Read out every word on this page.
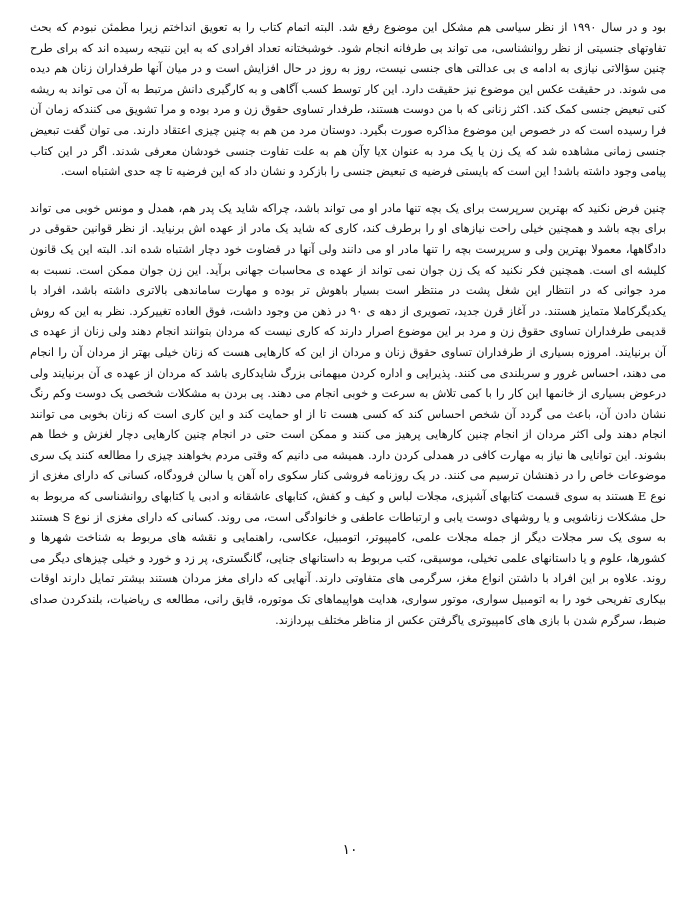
بود و در سال ۱۹۹۰ از نظر سیاسی هم مشکل این موضوع رفع شد. البته اتمام کتاب را به تعویق انداختم زیرا مطمئن نبودم که بحث تفاوتهای جنسیتی از نظر روانشناسی، می تواند بی طرفانه انجام شود. خوشبختانه تعداد افرادی که به این نتیجه رسیده اند که برای طرح چنین سؤالاتی نیازی به ادامه ی بی عدالتی های جنسی نیست، روز به روز در حال افزایش است و در میان آنها طرفداران زنان هم دیده می شوند. در حقیقت عکس این موضوع نیز حقیقت دارد. این کار توسط کسب آگاهی و به کارگیری دانش مرتبط به آن می تواند به ریشه کنی تبعیض جنسی کمک کند. اکثر زنانی که با من دوست هستند، طرفدار تساوی حقوق زن و مرد بوده و مرا تشویق می کنندکه زمان آن فرا رسیده است که در خصوص این موضوع مذاکره صورت بگیرد. دوستان مرد من هم به چنین چیزی اعتقاد دارند. می توان گفت تبعیض جنسی زمانی مشاهده شد که یک زن یا یک مرد به عنوان xیا yآن هم به علت تفاوت جنسی خودشان معرفی شدند. اگر در این کتاب پیامی وجود داشته باشد! این است که بایستی فرضیه ی تبعیض جنسی را بازکرد و نشان داد که این فرضیه تا چه حدی اشتباه است.

چنین فرض نکنید که بهترین سرپرست برای یک بچه تنها مادر او می تواند باشد، چراکه شاید یک پدر هم، همدل و مونس خوبی می تواند برای بچه باشد و همچنین خیلی راحت نیازهای او را برطرف کند، کاری که شاید یک مادر از عهده اش برنیاید. از نظر قوانین حقوقی در دادگاهها، معمولا بهترین ولی و سرپرست بچه را تنها مادر او می دانند ولی آنها در قضاوت خود دچار اشتباه شده اند. البته این یک قانون کلیشه ای است. همچنین فکر نکنید که یک زن جوان نمی تواند از عهده ی محاسبات جهانی برآید. این زن جوان ممکن است. نسبت به مرد جوانی که در انتظار این شغل پشت در منتظر است بسیار باهوش تر بوده و مهارت ساماندهی بالاتری داشته باشد، افراد با یکدیگرکاملا متمایز هستند. در آغاز قرن جدید، تصویری از دهه ی ۹۰ در ذهن من وجود داشت، فوق العاده تغییرکرد. نظر به این که روش قدیمی طرفداران تساوی حقوق زن و مرد بر این موضوع اصرار دارند که کاری نیست که مردان بتوانند انجام دهند ولی زنان از عهده ی آن برنیایند. امروزه بسیاری از طرفداران تساوی حقوق زنان و مردان از این که کارهایی هست که زنان خیلی بهتر از مردان آن را انجام می دهند، احساس غرور و سربلندی می کنند. پذیرایی و اداره کردن میهمانی بزرگ شایدکاری باشد که مردان از عهده ی آن برنیایند ولی درعوض بسیاری از خانمها این کار را با کمی تلاش به سرعت و خوبی انجام می دهند. پی بردن به مشکلات شخصی یک دوست وکم رنگ نشان دادن آن، باعث می گردد آن شخص احساس کند که کسی هست تا از او حمایت کند و این کاری است که زنان بخوبی می توانند انجام دهند ولی اکثر مردان از انجام چنین کارهایی پرهیز می کنند و ممکن است حتی در انجام چنین کارهایی دچار لغزش و خطا هم بشوند. این توانایی ها نیاز به مهارت کافی در همدلی کردن دارد. همیشه می دانیم که وقتی مردم بخواهند چیزی را مطالعه کنند یک سری موضوعات خاص را در ذهنشان ترسیم می کنند. در یک روزنامه فروشی کنار سکوی راه آهن یا سالن فرودگاه، کسانی که دارای مغزی از نوع E هستند به سوی قسمت کتابهای آشپزی، مجلات لباس و کیف و کفش، کتابهای عاشقانه و ادبی یا کتابهای روانشناسی که مربوط به حل مشکلات زناشویی و یا روشهای دوست یابی و ارتباطات عاطفی و خانوادگی است، می روند. کسانی که دارای مغزی از نوع S هستند به سوی یک سر مجلات دیگر از جمله مجلات علمی، کامپیوتر، اتومبیل، عکاسی، راهنمایی و نقشه های مربوط به شناخت شهرها و کشورها، علوم و یا داستانهای علمی تخیلی، موسیقی، کتب مربوط به داستانهای جنایی، گانگستری، پر زد و خورد و خیلی چیزهای دیگر می روند. علاوه بر این افراد با داشتن انواع مغز، سرگرمی های متفاوتی دارند. آنهایی که دارای مغز مردان هستند بیشتر تمایل دارند اوقات بیکاری تفریحی خود را به اتومبیل سواری، موتور سواری، هدایت هواپیماهای تک موتوره، قایق رانی، مطالعه ی ریاضیات، بلندکردن صدای ضبط، سرگرم شدن با بازی های کامپیوتری یاگرفتن عکس از مناظر مختلف بپردازند.

۱۰
